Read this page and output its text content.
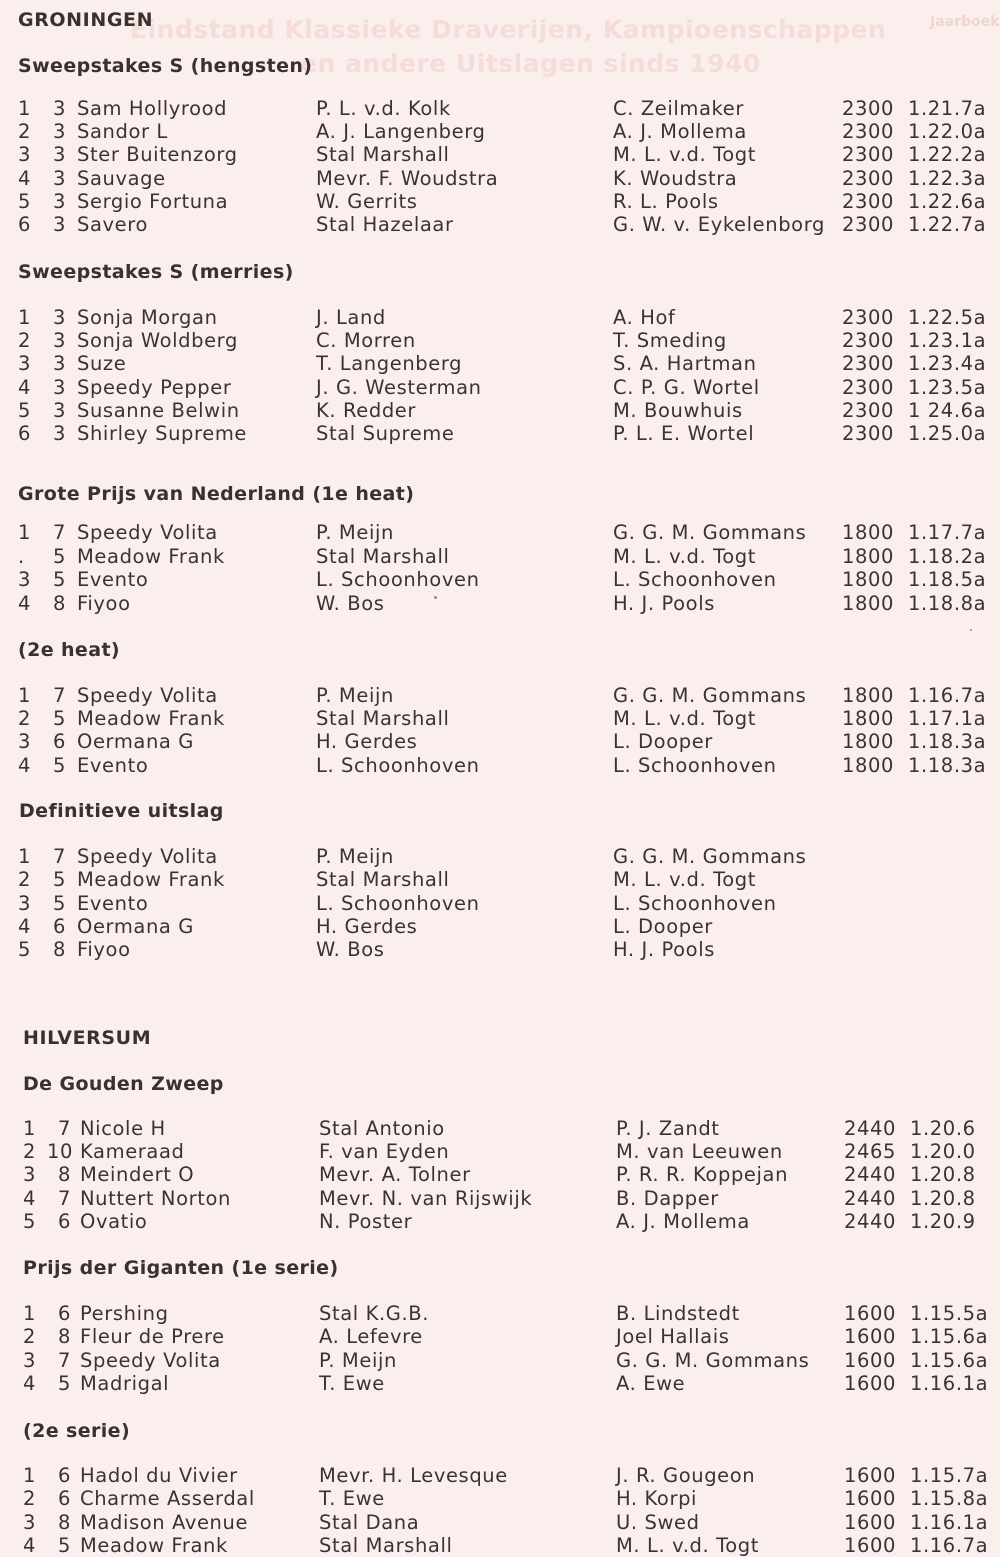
Eindstand Klassieke Draverijen, Kampioenschappen
en andere Uitslagen sinds 1940
Jaarboek
GRONINGEN
Sweepstakes S (hengsten)
Sweepstakes S (merries)
Grote Prijs van Nederland (1e heat)
(2e heat)
Definitieve uitslag
HILVERSUM
De Gouden Zweep
Prijs der Giganten (1e serie)
(2e serie)
1 3 Sam Hollyrood	P. L. v.d. Kolk	C. Zeilmaker	2300 1.21.7a
2 3 Sandor L	A. J. Langenberg	A. J. Mollema	2300 1.22.0a
3 3 Ster Buitenzorg	Stal Marshall	M. L. v.d. Togt	2300 1.22.2a
4 3 Sauvage	Mevr. F. Woudstra	K. Woudstra	2300 1.22.3a
5 3 Sergio Fortuna	W. Gerrits	R. L. Pools	2300 1.22.6a
6 3 Savero	Stal Hazelaar	G. W. v. Eykelenborg 2300 1.22.7a
1 3 Sonja Morgan	J. Land	A. Hof	2300 1.22.5a
2 3 Sonja Woldberg	C. Morren	T. Smeding	2300 1.23.1a
3 3 Suze	T. Langenberg	S. A. Hartman	2300 1.23.4a
4 3 Speedy Pepper	J. G. Westerman	C. P. G. Wortel	2300 1.23.5a
5 3 Susanne Belwin	K. Redder	M. Bouwhuis	2300 1 24.6a
6 3 Shirley Supreme	Stal Supreme	P. L. E. Wortel	2300 1.25.0a
1 7 Speedy Volita	P. Meijn	G. G. M. Gommans 1800 1.17.7a
. 5 Meadow Frank	Stal Marshall	M. L. v.d. Togt	1800 1.18.2a
3 5 Evento	L. Schoonhoven	L. Schoonhoven	1800 1.18.5a
4 8 Fiyoo	W. Bos	H. J. Pools	1800 1.18.8a
1 7 Speedy Volita	P. Meijn	G. G. M. Gommans 1800 1.16.7a
2 5 Meadow Frank	Stal Marshall	M. L. v.d. Togt	1800 1.17.1a
3 6 Oermana G	H. Gerdes	L. Dooper	1800 1.18.3a
4 5 Evento	L. Schoonhoven	L. Schoonhoven	1800 1.18.3a
1 7 Speedy Volita	P. Meijn	G. G. M. Gommans
2 5 Meadow Frank	Stal Marshall	M. L. v.d. Togt
3 5 Evento	L. Schoonhoven	L. Schoonhoven
4 6 Oermana G	H. Gerdes	L. Dooper
5 8 Fiyoo	W. Bos	H. J. Pools
1 7 Nicole H	Stal Antonio	P. J. Zandt	2440 1.20.6
2 10 Kameraad	F. van Eyden	M. van Leeuwen	2465 1.20.0
3 8 Meindert O	Mevr. A. Tolner	P. R. R. Koppejan	2440 1.20.8
4 7 Nuttert Norton	Mevr. N. van Rijswijk	B. Dapper	2440 1.20.8
5 6 Ovatio	N. Poster	A. J. Mollema	2440 1.20.9
1 6 Pershing	Stal K.G.B.	B. Lindstedt	1600 1.15.5a
2 8 Fleur de Prere	A. Lefevre	Joel Hallais	1600 1.15.6a
3 7 Speedy Volita	P. Meijn	G. G. M. Gommans 1600 1.15.6a
4 5 Madrigal	T. Ewe	A. Ewe	1600 1.16.1a
1 6 Hadol du Vivier	Mevr. H. Levesque	J. R. Gougeon	1600 1.15.7a
2 6 Charme Asserdal	T. Ewe	H. Korpi	1600 1.15.8a
3 8 Madison Avenue	Stal Dana	U. Swed	1600 1.16.1a
4 5 Meadow Frank	Stal Marshall	M. L. v.d. Togt	1600 1.16.7a
